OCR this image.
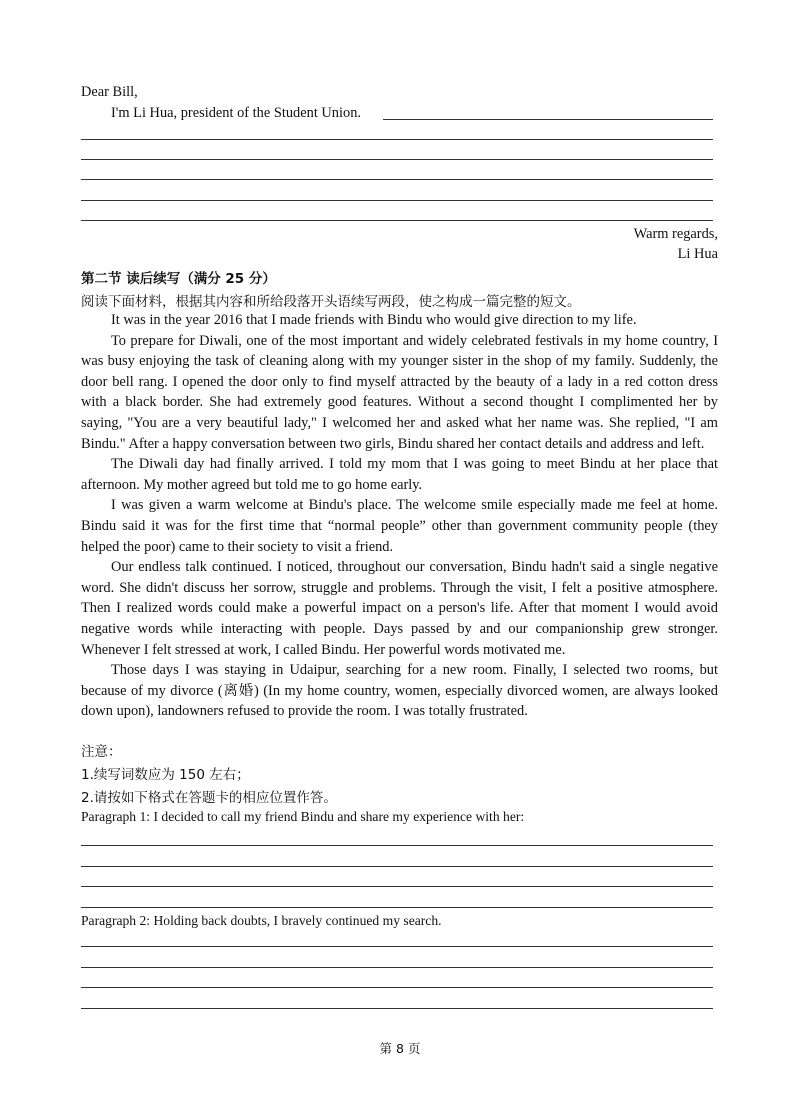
Dear Bill,
I'm Li Hua, president of the Student Union.
Warm regards,
Li Hua
第二节 读后续写（满分 25 分）
阅读下面材料，根据其内容和所给段落开头语续写两段，使之构成一篇完整的短文。

It was in the year 2016 that I made friends with Bindu who would give direction to my life.

To prepare for Diwali, one of the most important and widely celebrated festivals in my home country, I was busy enjoying the task of cleaning along with my younger sister in the shop of my family. Suddenly, the door bell rang. I opened the door only to find myself attracted by the beauty of a lady in a red cotton dress with a black border. She had extremely good features. Without a second thought I complimented her by saying, "You are a very beautiful lady," I welcomed her and asked what her name was. She replied, "I am Bindu." After a happy conversation between two girls, Bindu shared her contact details and address and left.

The Diwali day had finally arrived. I told my mom that I was going to meet Bindu at her place that afternoon. My mother agreed but told me to go home early.

I was given a warm welcome at Bindu's place. The welcome smile especially made me feel at home. Bindu said it was for the first time that “normal people” other than government community people (they helped the poor) came to their society to visit a friend.

Our endless talk continued. I noticed, throughout our conversation, Bindu hadn't said a single negative word. She didn't discuss her sorrow, struggle and problems. Through the visit, I felt a positive atmosphere. Then I realized words could make a powerful impact on a person's life. After that moment I would avoid negative words while interacting with people. Days passed by and our companionship grew stronger. Whenever I felt stressed at work, I called Bindu. Her powerful words motivated me.

Those days I was staying in Udaipur, searching for a new room. Finally, I selected two rooms, but because of my divorce (离婚) (In my home country, women, especially divorced women, are always looked down upon), landowners refused to provide the room. I was totally frustrated.

注意：
1.续写词数应为 150 左右；
2.请按如下格式在答题卡的相应位置作答。
Paragraph 1: I decided to call my friend Bindu and share my experience with her:
Paragraph 2: Holding back doubts, I bravely continued my search.
第 8 页
